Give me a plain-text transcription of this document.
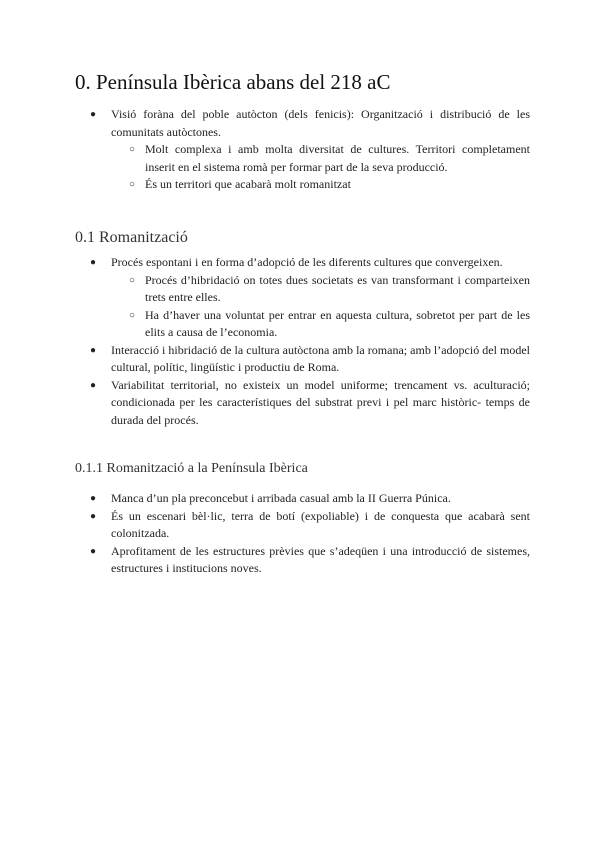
0. Península Ibèrica abans del 218 aC
● Visió foràna del poble autòcton (dels fenicis): Organització i distribució de les comunitats autòctones.
○ Molt complexa i amb molta diversitat de cultures. Territori completament inserit en el sistema romà per formar part de la seva producció.
○ És un territori que acabarà molt romanitzat
0.1 Romanització
● Procés espontani i en forma d’adopció de les diferents cultures que convergeixen.
○ Procés d’hibridació on totes dues societats es van transformant i comparteixen trets entre elles.
○ Ha d’haver una voluntat per entrar en aquesta cultura, sobretot per part de les elits a causa de l’economia.
● Interacció i hibridació de la cultura autòctona amb la romana; amb l’adopció del model cultural, polític, lingüístic i productiu de Roma.
● Variabilitat territorial, no existeix un model uniforme; trencament vs. aculturació; condicionada per les característiques del substrat previ i pel marc històric- temps de durada del procés.
0.1.1 Romanització a la Península Ibèrica
● Manca d’un pla preconcebut i arribada casual amb la II Guerra Púnica.
● És un escenari bèl·lic, terra de botí (expoliable) i de conquesta que acabarà sent colonitzada.
● Aprofitament de les estructures prèvies que s’adeqüen i una introducció de sistemes, estructures i institucions noves.
